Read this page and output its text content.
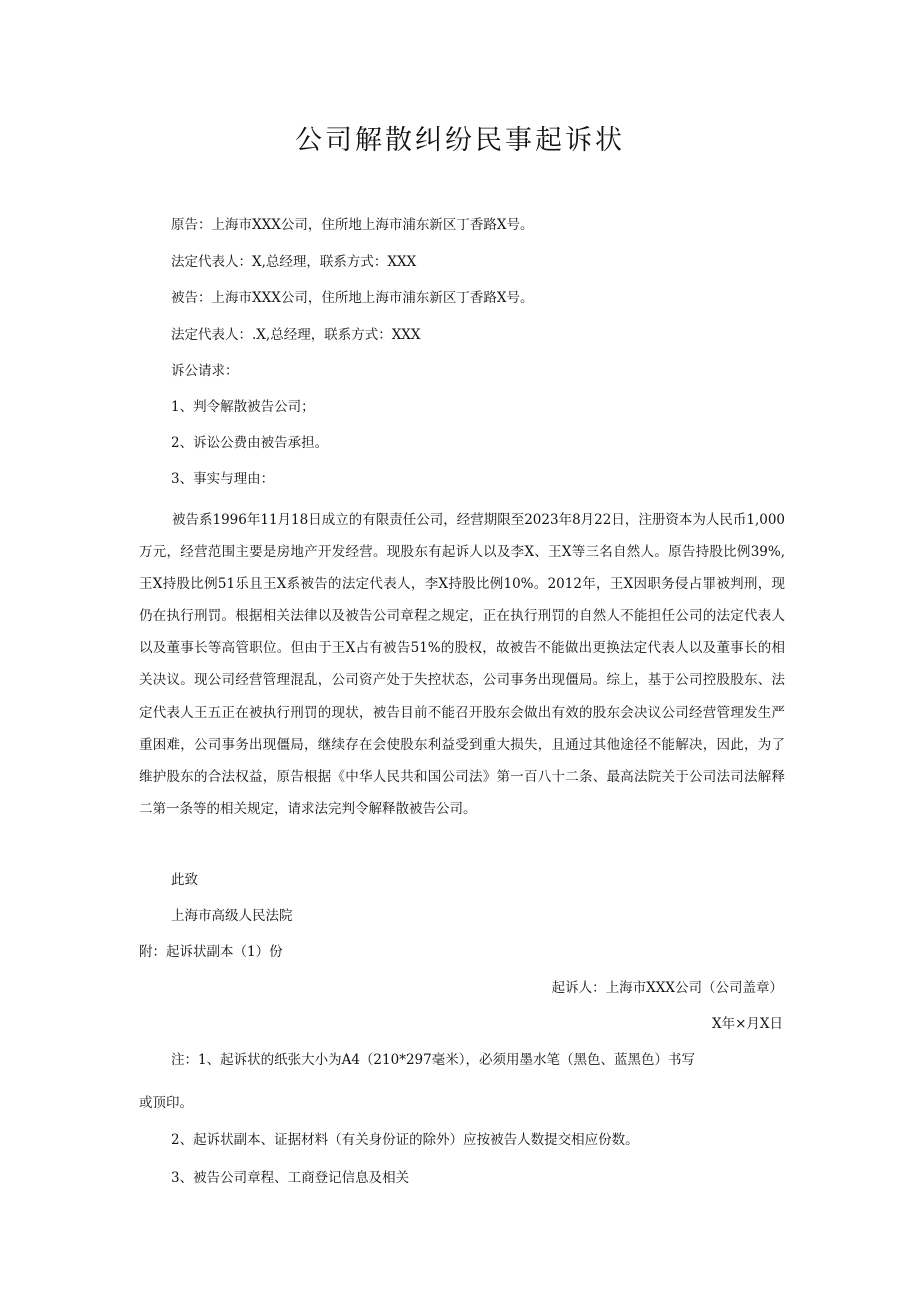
公司解散纠纷民事起诉状
原告：上海市XXX公司，住所地上海市浦东新区丁香路X号。
法定代表人：X,总经理，联系方式：XXX
被告：上海市XXX公司，住所地上海市浦东新区丁香路X号。
法定代表人：.X,总经理，联系方式：XXX
诉公请求：
1、判令解散被告公司；
2、诉讼公费由被告承担。
3、事实与理由：

被告系1996年11月18日成立的有限责任公司，经营期限至2023年8月22日，注册资本为人民币1,000万元，经营范围主要是房地产开发经营。现股东有起诉人以及李X、王X等三名自然人。原告持股比例39%,王X持股比例51乐且王X系被告的法定代表人，李X持股比例10%。2012年，王X因职务侵占罪被判刑，现仍在执行刑罚。根据相关法律以及被告公司章程之规定，正在执行刑罚的自然人不能担任公司的法定代表人以及董事长等高管职位。但由于王X占有被告51%的股权，故被告不能做出更换法定代表人以及董事长的相关决议。现公司经营管理混乱，公司资产处于失控状态，公司事务出现僵局。综上，基于公司控股股东、法定代表人王五正在被执行刑罚的现状，被告目前不能召开股东会做出有效的股东会决议公司经营管理发生严重困难，公司事务出现僵局，继续存在会使股东利益受到重大损失，且通过其他途径不能解决，因此，为了维护股东的合法权益，原告根据《中华人民共和国公司法》第一百八十二条、最高法院关于公司法司法解释二第一条等的相关规定，请求法完判令解释散被告公司。

此致
上海市高级人民法院
附：起诉状副本（1）份
起诉人：上海市XXX公司（公司盖章）
X年×月X日
注：1、起诉状的纸张大小为A4（210*297毫米），必须用墨水笔（黑色、蓝黑色）书写
或顶印。
2、起诉状副本、证据材料（有关身份证的除外）应按被告人数提交相应份数。
3、被告公司章程、工商登记信息及相关
